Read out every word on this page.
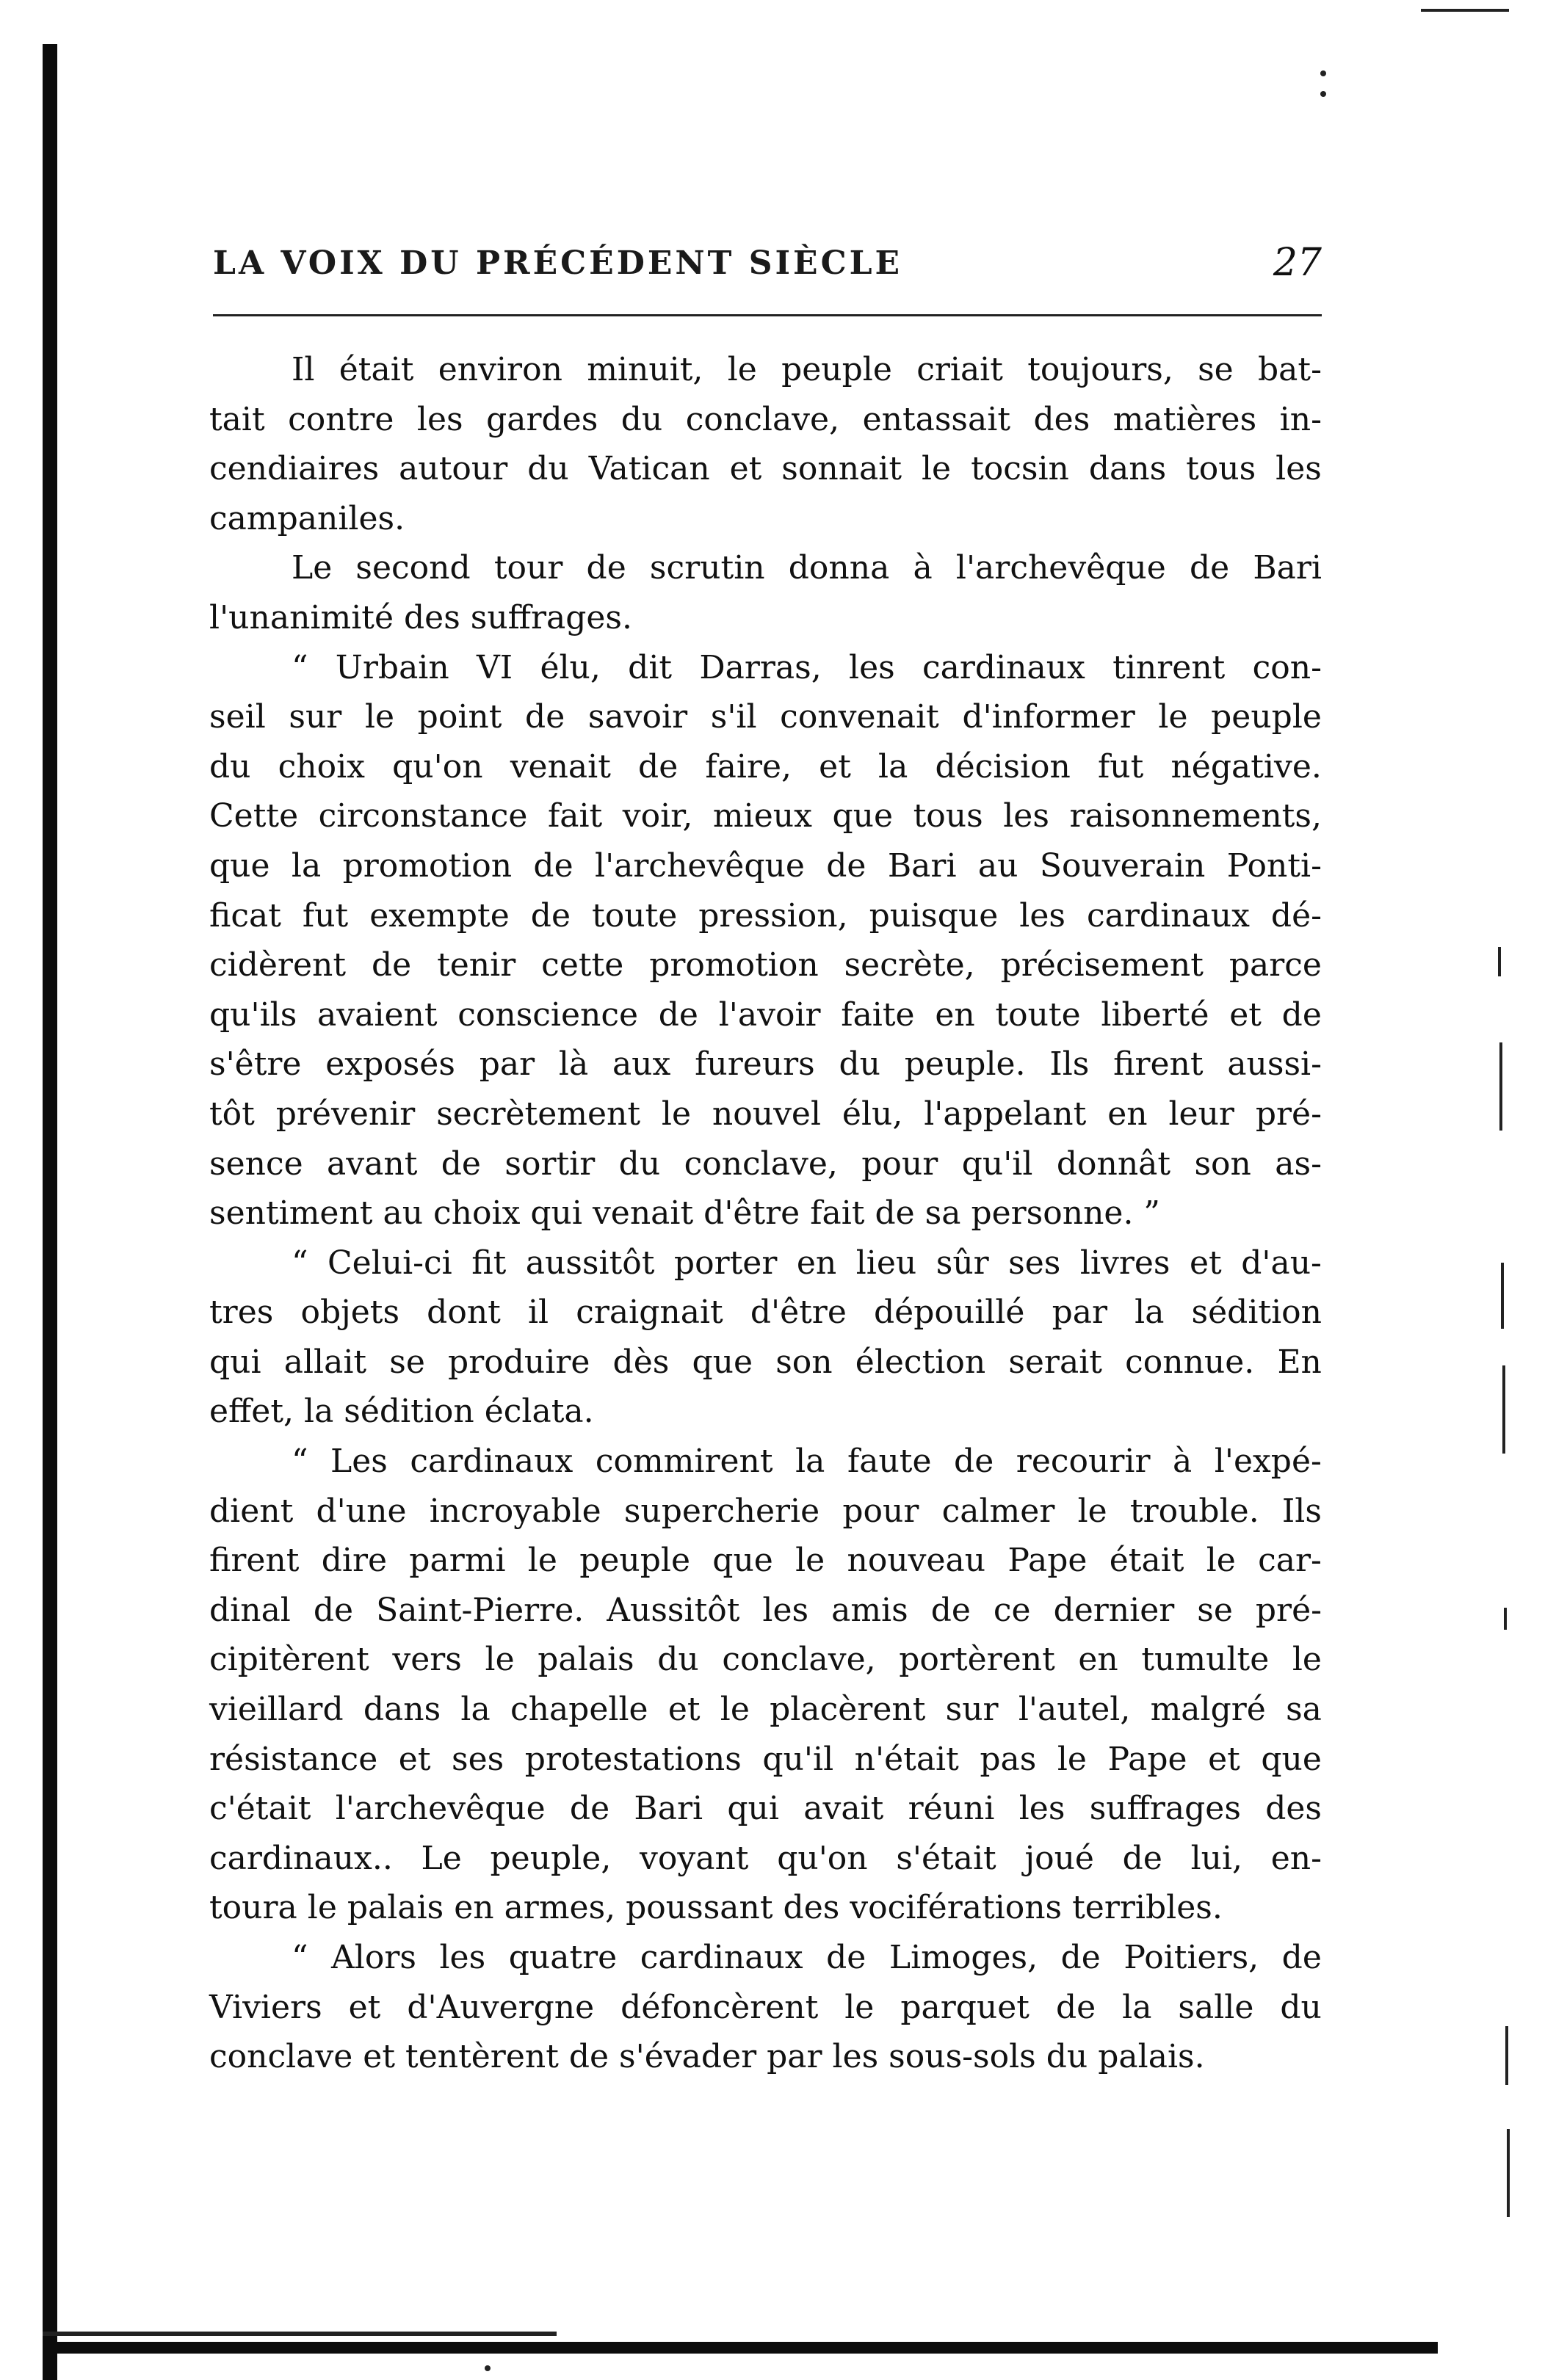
LA VOIX DU PRÉCÉDENT SIÈCLE	27
Il était environ minuit, le peuple criait toujours, se bat-
tait contre les gardes du conclave, entassait des matières in-
cendiaires autour du Vatican et sonnait le tocsin dans tous les
campaniles.
Le second tour de scrutin donna à l'archevêque de Bari
l'unanimité des suffrages.
“ Urbain VI élu, dit Darras, les cardinaux tinrent con-
seil sur le point de savoir s'il convenait d'informer le peuple
du choix qu'on venait de faire, et la décision fut négative.
Cette circonstance fait voir, mieux que tous les raisonnements,
que la promotion de l'archevêque de Bari au Souverain Ponti-
ficat fut exempte de toute pression, puisque les cardinaux dé-
cidèrent de tenir cette promotion secrète, précisement parce
qu'ils avaient conscience de l'avoir faite en toute liberté et de
s'être exposés par là aux fureurs du peuple. Ils firent aussi-
tôt prévenir secrètement le nouvel élu, l'appelant en leur pré-
sence avant de sortir du conclave, pour qu'il donnât son as-
sentiment au choix qui venait d'être fait de sa personne. ”
“ Celui-ci fit aussitôt porter en lieu sûr ses livres et d'au-
tres objets dont il craignait d'être dépouillé par la sédition
qui allait se produire dès que son élection serait connue. En
effet, la sédition éclata.
“ Les cardinaux commirent la faute de recourir à l'expé-
dient d'une incroyable supercherie pour calmer le trouble. Ils
firent dire parmi le peuple que le nouveau Pape était le car-
dinal de Saint-Pierre. Aussitôt les amis de ce dernier se pré-
cipitèrent vers le palais du conclave, portèrent en tumulte le
vieillard dans la chapelle et le placèrent sur l'autel, malgré sa
résistance et ses protestations qu'il n'était pas le Pape et que
c'était l'archevêque de Bari qui avait réuni les suffrages des
cardinaux.. Le peuple, voyant qu'on s'était joué de lui, en-
toura le palais en armes, poussant des vociférations terribles.
“ Alors les quatre cardinaux de Limoges, de Poitiers, de
Viviers et d'Auvergne défoncèrent le parquet de la salle du
conclave et tentèrent de s'évader par les sous-sols du palais.
